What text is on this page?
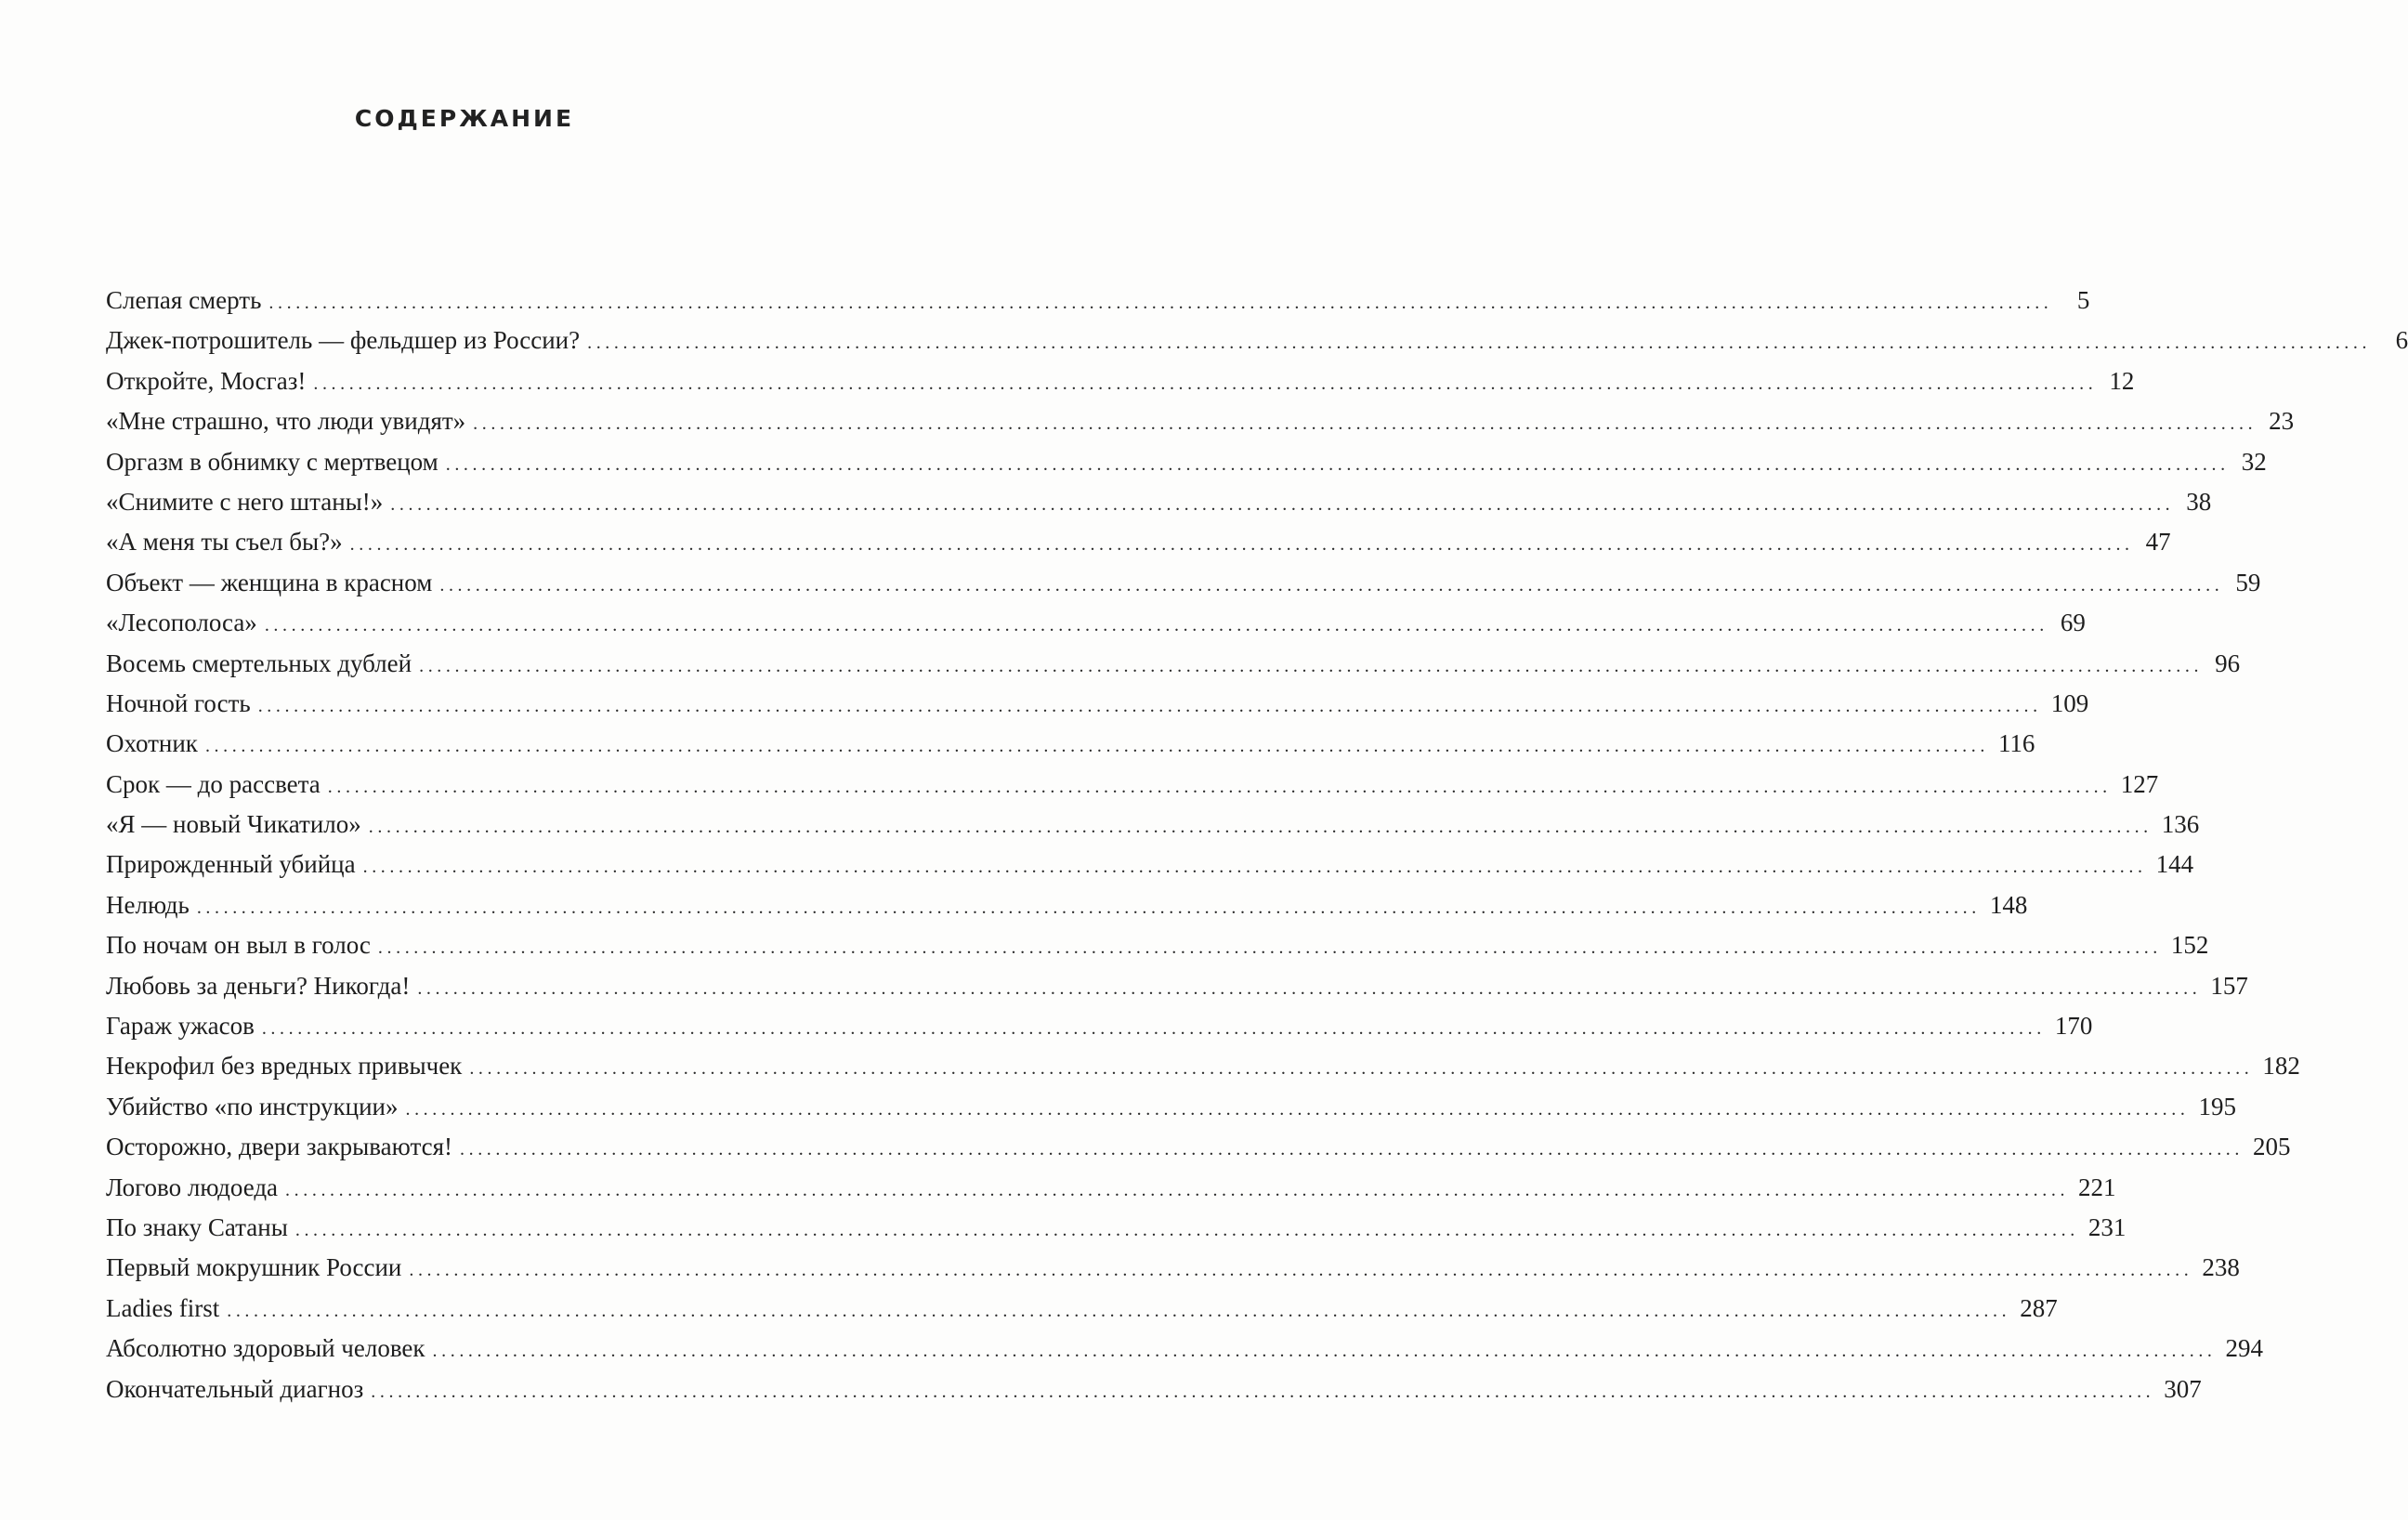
СОДЕРЖАНИЕ
Слепая смерть ........................................................................................................................................................................................................ 5
Джек-потрошитель — фельдшер из России? ........................................................................................................................................................................................................ 6
Откройте, Мосгаз! ........................................................................................................................................................................................................ 12
«Мне страшно, что люди увидят» ........................................................................................................................................................................................................ 23
Оргазм в обнимку с мертвецом ........................................................................................................................................................................................................ 32
«Снимите с него штаны!» ........................................................................................................................................................................................................ 38
«А меня ты съел бы?» ........................................................................................................................................................................................................ 47
Объект — женщина в красном ........................................................................................................................................................................................................ 59
«Лесополоса» ........................................................................................................................................................................................................ 69
Восемь смертельных дублей ........................................................................................................................................................................................................ 96
Ночной гость ........................................................................................................................................................................................................ 109
Охотник ........................................................................................................................................................................................................ 116
Срок — до рассвета ........................................................................................................................................................................................................ 127
«Я — новый Чикатило» ........................................................................................................................................................................................................ 136
Прирожденный убийца ........................................................................................................................................................................................................ 144
Нелюдь ........................................................................................................................................................................................................ 148
По ночам он выл в голос ........................................................................................................................................................................................................ 152
Любовь за деньги? Никогда! ........................................................................................................................................................................................................ 157
Гараж ужасов ........................................................................................................................................................................................................ 170
Некрофил без вредных привычек ........................................................................................................................................................................................................ 182
Убийство «по инструкции» ........................................................................................................................................................................................................ 195
Осторожно, двери закрываются! ........................................................................................................................................................................................................ 205
Логово людоеда ........................................................................................................................................................................................................ 221
По знаку Сатаны ........................................................................................................................................................................................................ 231
Первый мокрушник России ........................................................................................................................................................................................................ 238
Ladies first ........................................................................................................................................................................................................ 287
Абсолютно здоровый человек ........................................................................................................................................................................................................ 294
Окончательный диагноз ........................................................................................................................................................................................................ 307
